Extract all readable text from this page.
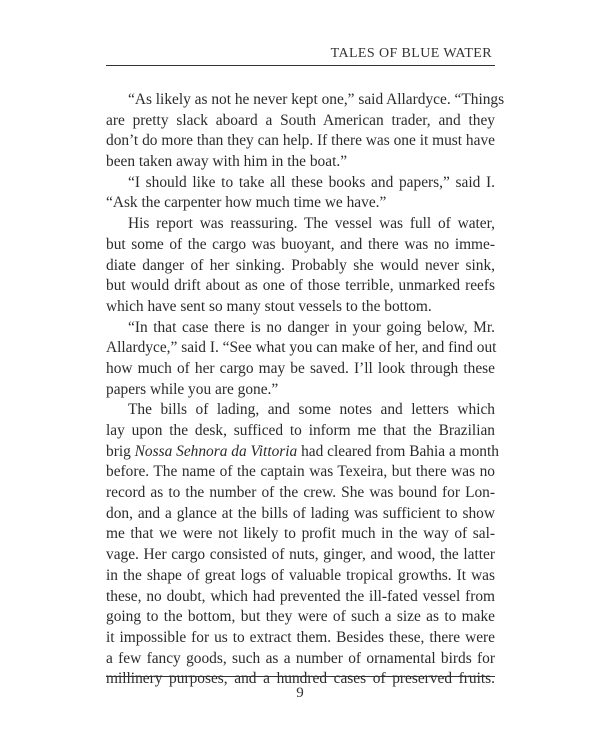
TALES OF BLUE WATER
“As likely as not he never kept one,” said Allardyce. “Things
are pretty slack aboard a South American trader, and they
don’t do more than they can help. If there was one it must have
been taken away with him in the boat.”
“I should like to take all these books and papers,” said I.
“Ask the carpenter how much time we have.”
His report was reassuring. The vessel was full of water,
but some of the cargo was buoyant, and there was no imme-
diate danger of her sinking. Probably she would never sink,
but would drift about as one of those terrible, unmarked reefs
which have sent so many stout vessels to the bottom.
“In that case there is no danger in your going below, Mr.
Allardyce,” said I. “See what you can make of her, and find out
how much of her cargo may be saved. I’ll look through these
papers while you are gone.”
The bills of lading, and some notes and letters which
lay upon the desk, sufficed to inform me that the Brazilian
brig Nossa Sehnora da Vittoria had cleared from Bahia a month
before. The name of the captain was Texeira, but there was no
record as to the number of the crew. She was bound for Lon-
don, and a glance at the bills of lading was sufficient to show
me that we were not likely to profit much in the way of sal-
vage. Her cargo consisted of nuts, ginger, and wood, the latter
in the shape of great logs of valuable tropical growths. It was
these, no doubt, which had prevented the ill-fated vessel from
going to the bottom, but they were of such a size as to make
it impossible for us to extract them. Besides these, there were
a few fancy goods, such as a number of ornamental birds for
millinery purposes, and a hundred cases of preserved fruits.
9
